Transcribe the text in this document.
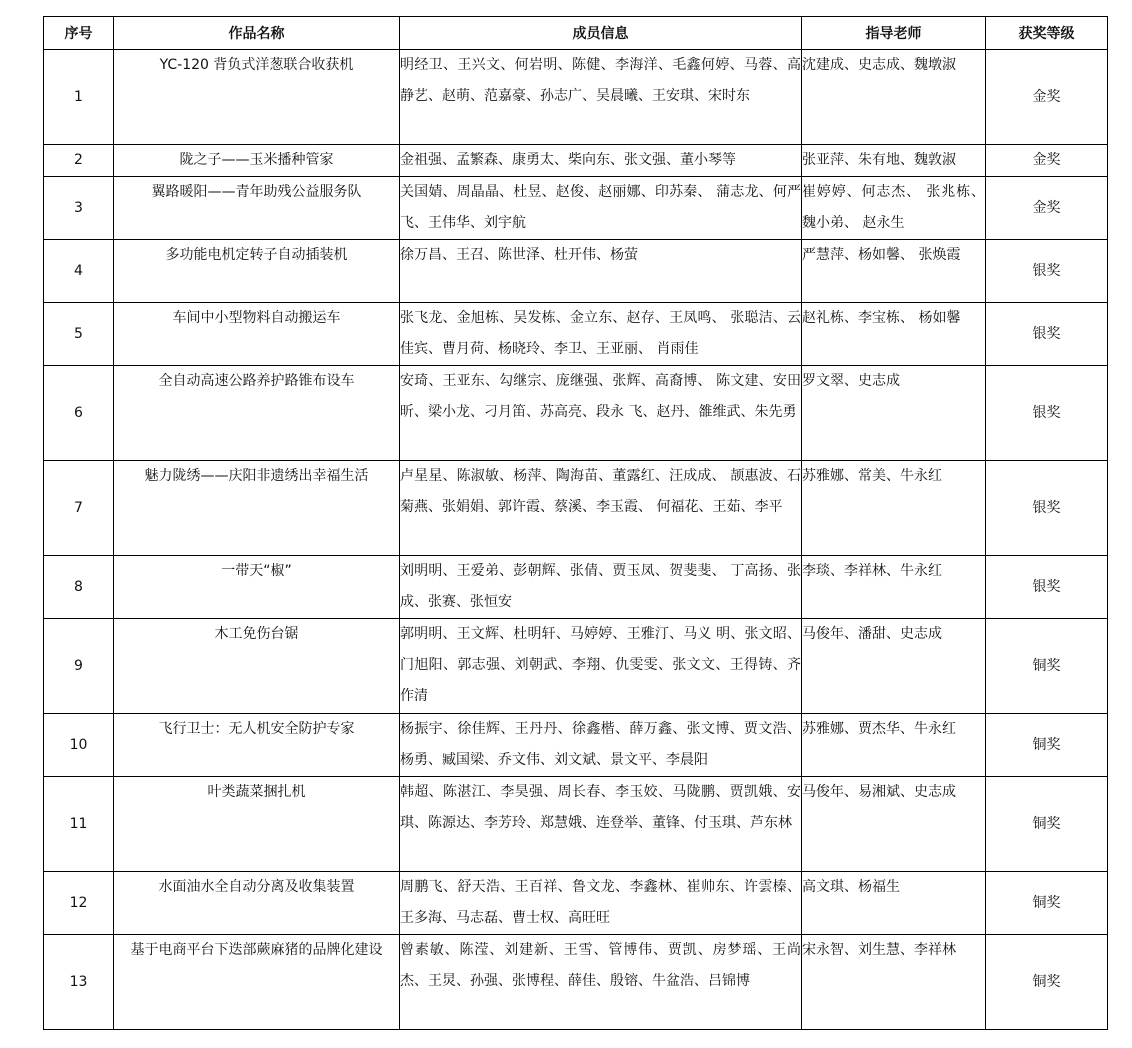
序号	作品名称	成员信息	指导老师	获奖等级
1	YC-120 背负式洋葱联合收获机	明经卫、王兴文、何岩明、陈健、李海洋、毛鑫何婷、马蓉、高静艺、赵萌、范嘉豪、孙志广、吴晨曦、王安琪、宋时东	沈建成、史志成、魏墩淑	金奖
2	陇之子——玉米播种管家	金祖强、孟繁森、康勇太、柴向东、张文强、董小琴等	张亚萍、朱有地、魏敦淑	金奖
3	翼路暖阳——青年助残公益服务队	关国婧、周晶晶、杜昱、赵俊、赵丽娜、印苏秦、 蒲志龙、何严飞、王伟华、刘宇航	崔婷婷、何志杰、 张兆栋、魏小弟、 赵永生	金奖
4	多功能电机定转子自动插装机	徐万昌、王召、陈世泽、杜开伟、杨萤	严慧萍、杨如馨、 张焕霞	银奖
5	车间中小型物料自动搬运车	张飞龙、金旭栋、吴发栋、金立东、赵存、王凤鸣、 张聪洁、云佳宾、曹月荷、杨晓玲、李卫、王亚丽、 肖雨佳	赵礼栋、李宝栋、 杨如馨	银奖
6	全自动高速公路养护路锥布设车	安琦、王亚东、勾继宗、庞继强、张辉、高裔博、 陈文建、安田昕、梁小龙、刁月笛、苏高亮、段永 飞、赵丹、雒维武、朱先勇	罗文翠、史志成	银奖
7	魅力陇绣——庆阳非遗绣出幸福生活	卢星星、陈淑敏、杨萍、陶海苗、董露红、汪成成、 颉惠波、石菊燕、张娟娟、郭许霞、蔡溪、李玉霞、 何福花、王茹、李平	苏雅娜、常美、牛永红	银奖
8	一带天“椒”	刘明明、王爱弟、彭朝辉、张倩、贾玉凤、贺斐斐、 丁高扬、张成、张赛、张恒安	李琰、李祥林、牛永红	银奖
9	木工免伤台锯	郭明明、王文辉、杜明轩、马婷婷、王雅汀、马义 明、张文昭、门旭阳、郭志强、刘朝武、李翔、仇雯雯、张文文、王得铸、齐作清	马俊年、潘甜、史志成	铜奖
10	飞行卫士：无人机安全防护专家	杨振宇、徐佳辉、王丹丹、徐鑫楷、薛万鑫、张文博、贾文浩、杨勇、臧国梁、乔文伟、刘文斌、景文平、李晨阳	苏雅娜、贾杰华、牛永红	铜奖
11	叶类蔬菜捆扎机	韩超、陈湛江、李昊强、周长春、李玉姣、马陇鹏、贾凯娥、安琪、陈源达、李芳玲、郑慧娥、连登举、董锋、付玉琪、芦东林	马俊年、易湘斌、史志成	铜奖
12	水面油水全自动分离及收集装置	周鹏飞、舒天浩、王百祥、鲁文龙、李鑫林、崔帅东、许雲榛、王多海、马志磊、曹士权、高旺旺	高文琪、杨福生	铜奖
13	基于电商平台下迭部蕨麻猪的品牌化建设	曾素敏、陈滢、刘建新、王雪、管博伟、贾凯、房梦瑶、王尚杰、王炅、孙强、张博程、薛佳、殷镕、牛盆浩、吕锦博	宋永智、刘生慧、李祥林	铜奖
